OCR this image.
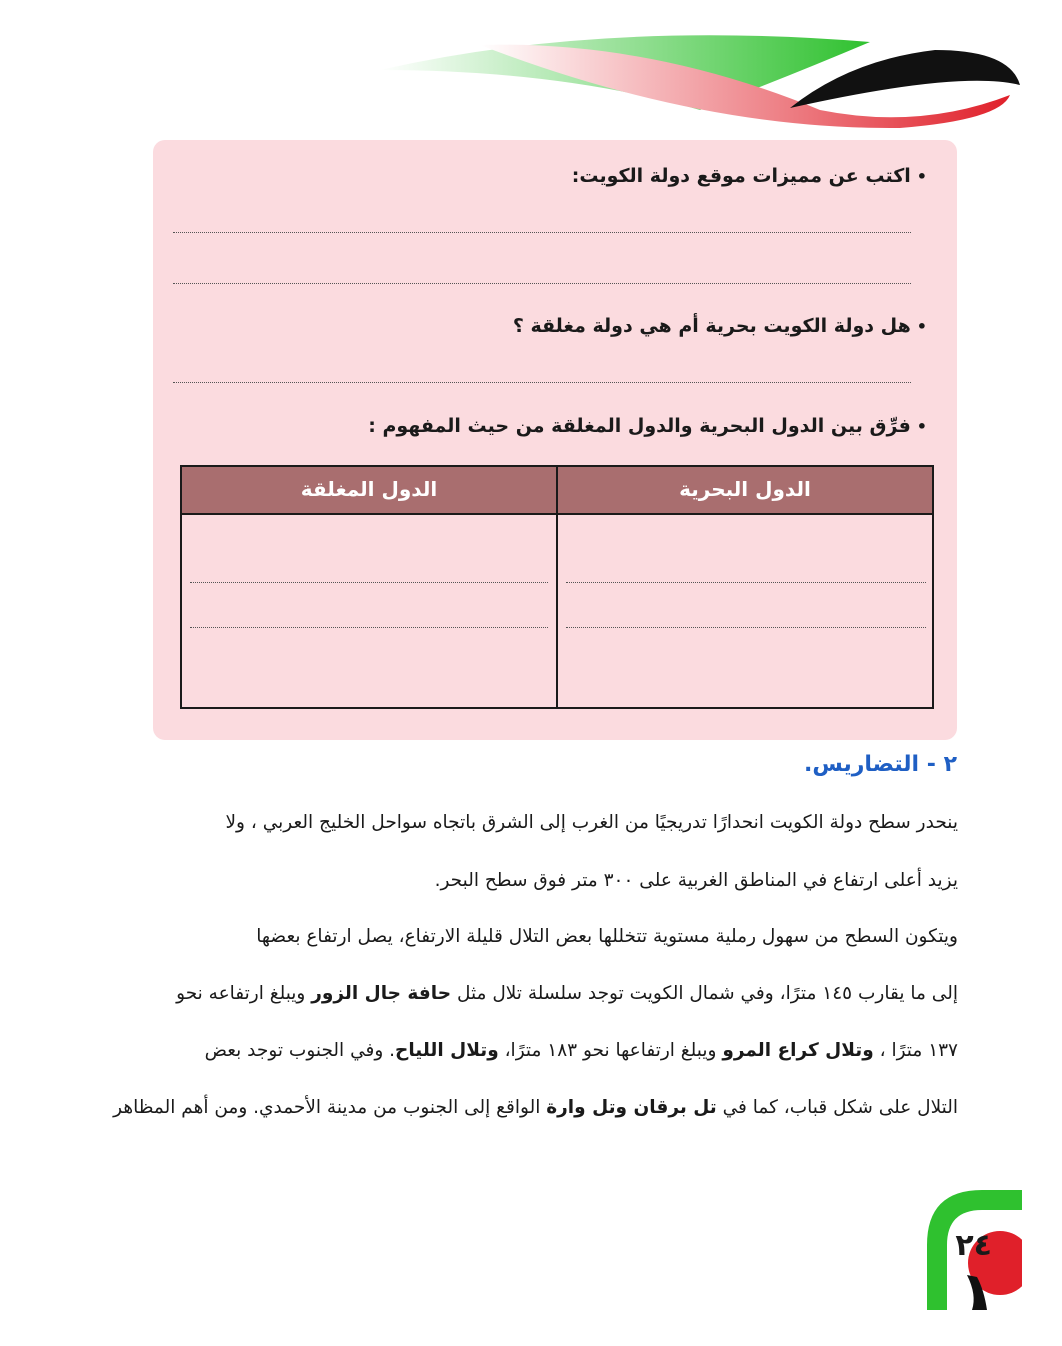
•اكتب عن مميزات موقع دولة الكويت:
•هل دولة الكويت بحرية أم هي دولة مغلقة ؟
•فرِّق بين الدول البحرية والدول المغلقة من حيث المفهوم :
الدول البحرية
الدول المغلقة
٢ - التضاريس.
ينحدر سطح دولة الكويت انحدارًا تدريجيًا من الغرب إلى الشرق باتجاه سواحل الخليج العربي ، ولا
يزيد أعلى ارتفاع في المناطق الغربية على ٣٠٠ متر فوق سطح البحر.
ويتكون السطح من سهول رملية مستوية تتخللها بعض التلال قليلة الارتفاع، يصل ارتفاع بعضها
إلى ما يقارب ١٤٥ مترًا، وفي شمال الكويت توجد سلسلة تلال مثل حافة جال الزور ويبلغ ارتفاعه نحو
١٣٧ مترًا ، وتلال كراع المرو ويبلغ ارتفاعها نحو ١٨٣ مترًا، وتلال اللياح. وفي الجنوب توجد بعض
التلال على شكل قباب، كما في تل برقان وتل وارة الواقع إلى الجنوب من مدينة الأحمدي. ومن أهم المظاهر
٢٤
